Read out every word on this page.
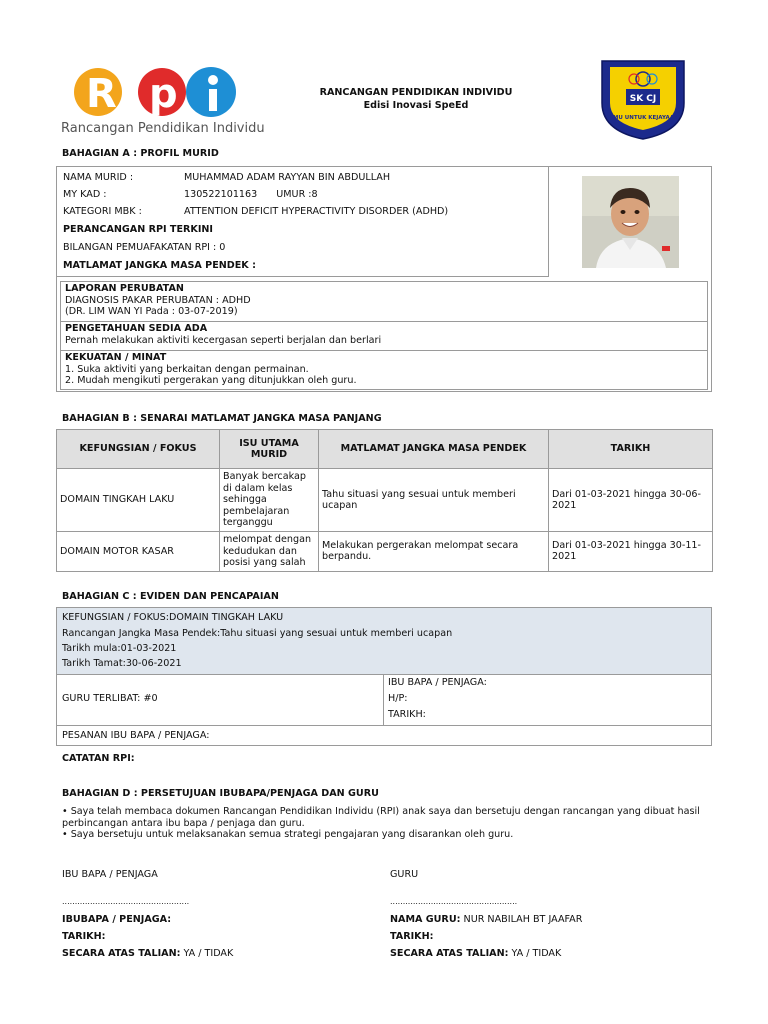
R p
Rancangan Pendidikan Individu
RANCANGAN PENDIDIKAN INDIVIDU
Edisi Inovasi SpeEd
SK CJ
ILMU UNTUK KEJAYAAN
BAHAGIAN A : PROFIL MURID
NAMA MURID :	MUHAMMAD ADAM RAYYAN BIN ABDULLAH
MY KAD :	130522101163 UMUR :8
KATEGORI MBK :	ATTENTION DEFICIT HYPERACTIVITY DISORDER (ADHD)
PERANCANGAN RPI TERKINI
BILANGAN PEMUAFAKATAN RPI : 0
MATLAMAT JANGKA MASA PENDEK :
LAPORAN PERUBATAN
DIAGNOSIS PAKAR PERUBATAN : ADHD
(DR. LIM WAN YI Pada : 03-07-2019)
PENGETAHUAN SEDIA ADA
Pernah melakukan aktiviti kecergasan seperti berjalan dan berlari
KEKUATAN / MINAT
1. Suka aktiviti yang berkaitan dengan permainan.
2. Mudah mengikuti pergerakan yang ditunjukkan oleh guru.
BAHAGIAN B : SENARAI MATLAMAT JANGKA MASA PANJANG
KEFUNGSIAN / FOKUS	ISU UTAMA MURID	MATLAMAT JANGKA MASA PENDEK	TARIKH
DOMAIN TINGKAH LAKU	Banyak bercakap di dalam kelas sehingga pembelajaran terganggu	Tahu situasi yang sesuai untuk memberi ucapan	Dari 01-03-2021 hingga 30-06-2021
DOMAIN MOTOR KASAR	melompat dengan kedudukan dan posisi yang salah	Melakukan pergerakan melompat secara berpandu.	Dari 01-03-2021 hingga 30-11-2021
BAHAGIAN C : EVIDEN DAN PENCAPAIAN
KEFUNGSIAN / FOKUS:DOMAIN TINGKAH LAKU
Rancangan Jangka Masa Pendek:Tahu situasi yang sesuai untuk memberi ucapan
Tarikh mula:01-03-2021
Tarikh Tamat:30-06-2021
GURU TERLIBAT: #0
IBU BAPA / PENJAGA:
H/P:
TARIKH:
PESANAN IBU BAPA / PENJAGA:
CATATAN RPI:
BAHAGIAN D : PERSETUJUAN IBUBAPA/PENJAGA DAN GURU
• Saya telah membaca dokumen Rancangan Pendidikan Individu (RPI) anak saya dan bersetuju dengan rancangan yang dibuat hasil
perbincangan antara ibu bapa / penjaga dan guru.
• Saya bersetuju untuk melaksanakan semua strategi pengajaran yang disarankan oleh guru.
IBU BAPA / PENJAGA	GURU
..................................................	..................................................
IBUBAPA / PENJAGA:	NAMA GURU: NUR NABILAH BT JAAFAR
TARIKH:	TARIKH:
SECARA ATAS TALIAN: YA / TIDAK	SECARA ATAS TALIAN: YA / TIDAK
